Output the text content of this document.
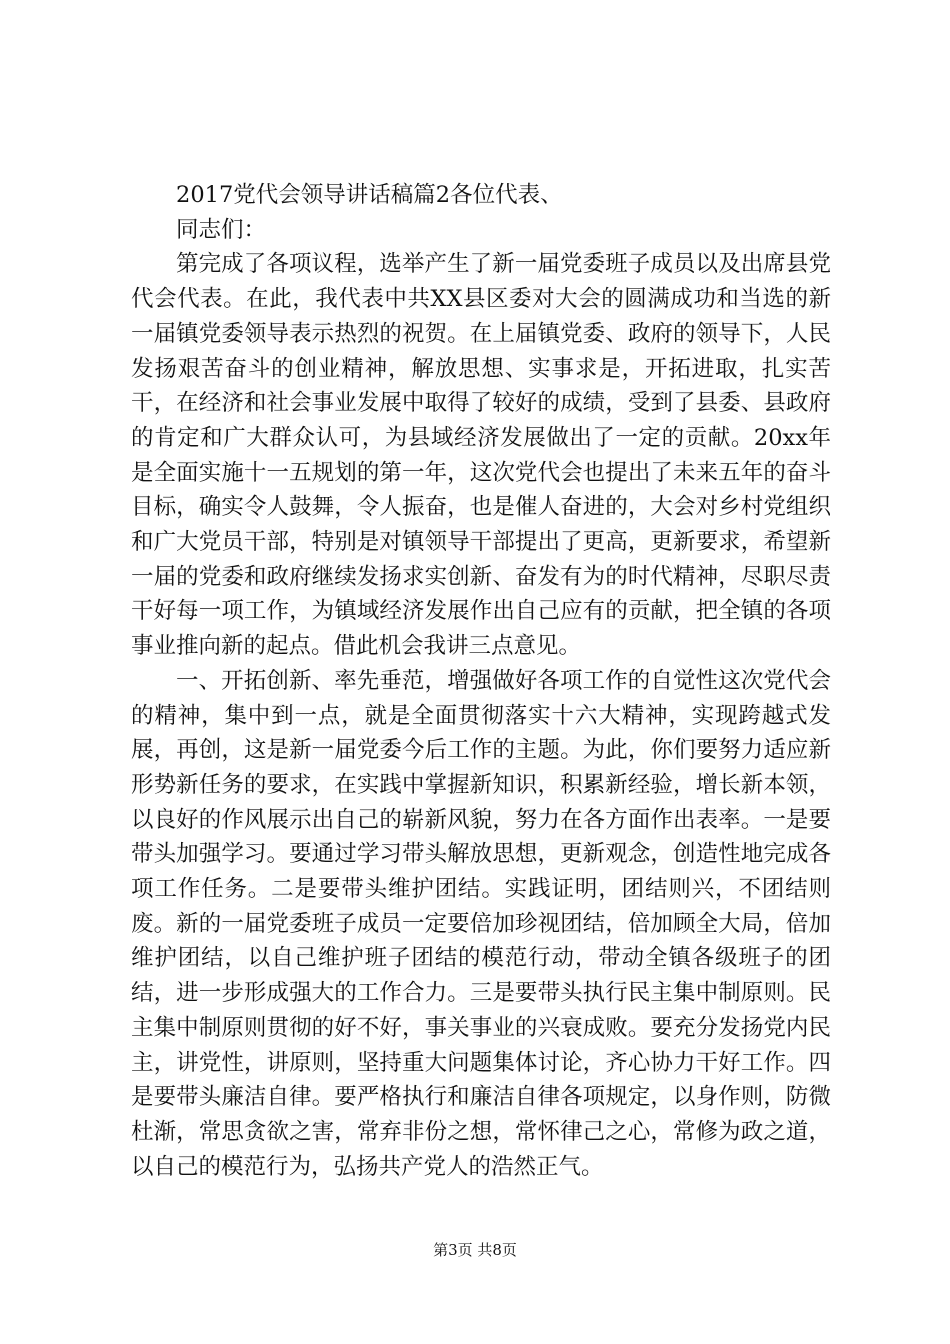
2017党代会领导讲话稿篇2各位代表、

同志们：

第完成了各项议程，选举产生了新一届党委班子成员以及出席县党代会代表。在此，我代表中共XX县区委对大会的圆满成功和当选的新一届镇党委领导表示热烈的祝贺。在上届镇党委、政府的领导下，人民发扬艰苦奋斗的创业精神，解放思想、实事求是，开拓进取，扎实苦干，在经济和社会事业发展中取得了较好的成绩，受到了县委、县政府的肯定和广大群众认可，为县域经济发展做出了一定的贡献。20xx年是全面实施十一五规划的第一年，这次党代会也提出了未来五年的奋斗目标，确实令人鼓舞，令人振奋，也是催人奋进的，大会对乡村党组织和广大党员干部，特别是对镇领导干部提出了更高，更新要求，希望新一届的党委和政府继续发扬求实创新、奋发有为的时代精神，尽职尽责干好每一项工作，为镇域经济发展作出自己应有的贡献，把全镇的各项事业推向新的起点。借此机会我讲三点意见。

一、开拓创新、率先垂范，增强做好各项工作的自觉性这次党代会的精神，集中到一点，就是全面贯彻落实十六大精神，实现跨越式发展，再创，这是新一届党委今后工作的主题。为此，你们要努力适应新形势新任务的要求，在实践中掌握新知识，积累新经验，增长新本领，以良好的作风展示出自己的崭新风貌，努力在各方面作出表率。一是要带头加强学习。要通过学习带头解放思想，更新观念，创造性地完成各项工作任务。二是要带头维护团结。实践证明，团结则兴，不团结则废。新的一届党委班子成员一定要倍加珍视团结，倍加顾全大局，倍加维护团结，以自己维护班子团结的模范行动，带动全镇各级班子的团结，进一步形成强大的工作合力。三是要带头执行民主集中制原则。民主集中制原则贯彻的好不好，事关事业的兴衰成败。要充分发扬党内民主，讲党性，讲原则，坚持重大问题集体讨论，齐心协力干好工作。四是要带头廉洁自律。要严格执行和廉洁自律各项规定，以身作则，防微杜渐，常思贪欲之害，常弃非份之想，常怀律己之心，常修为政之道，以自己的模范行为，弘扬共产党人的浩然正气。

第3页 共8页
